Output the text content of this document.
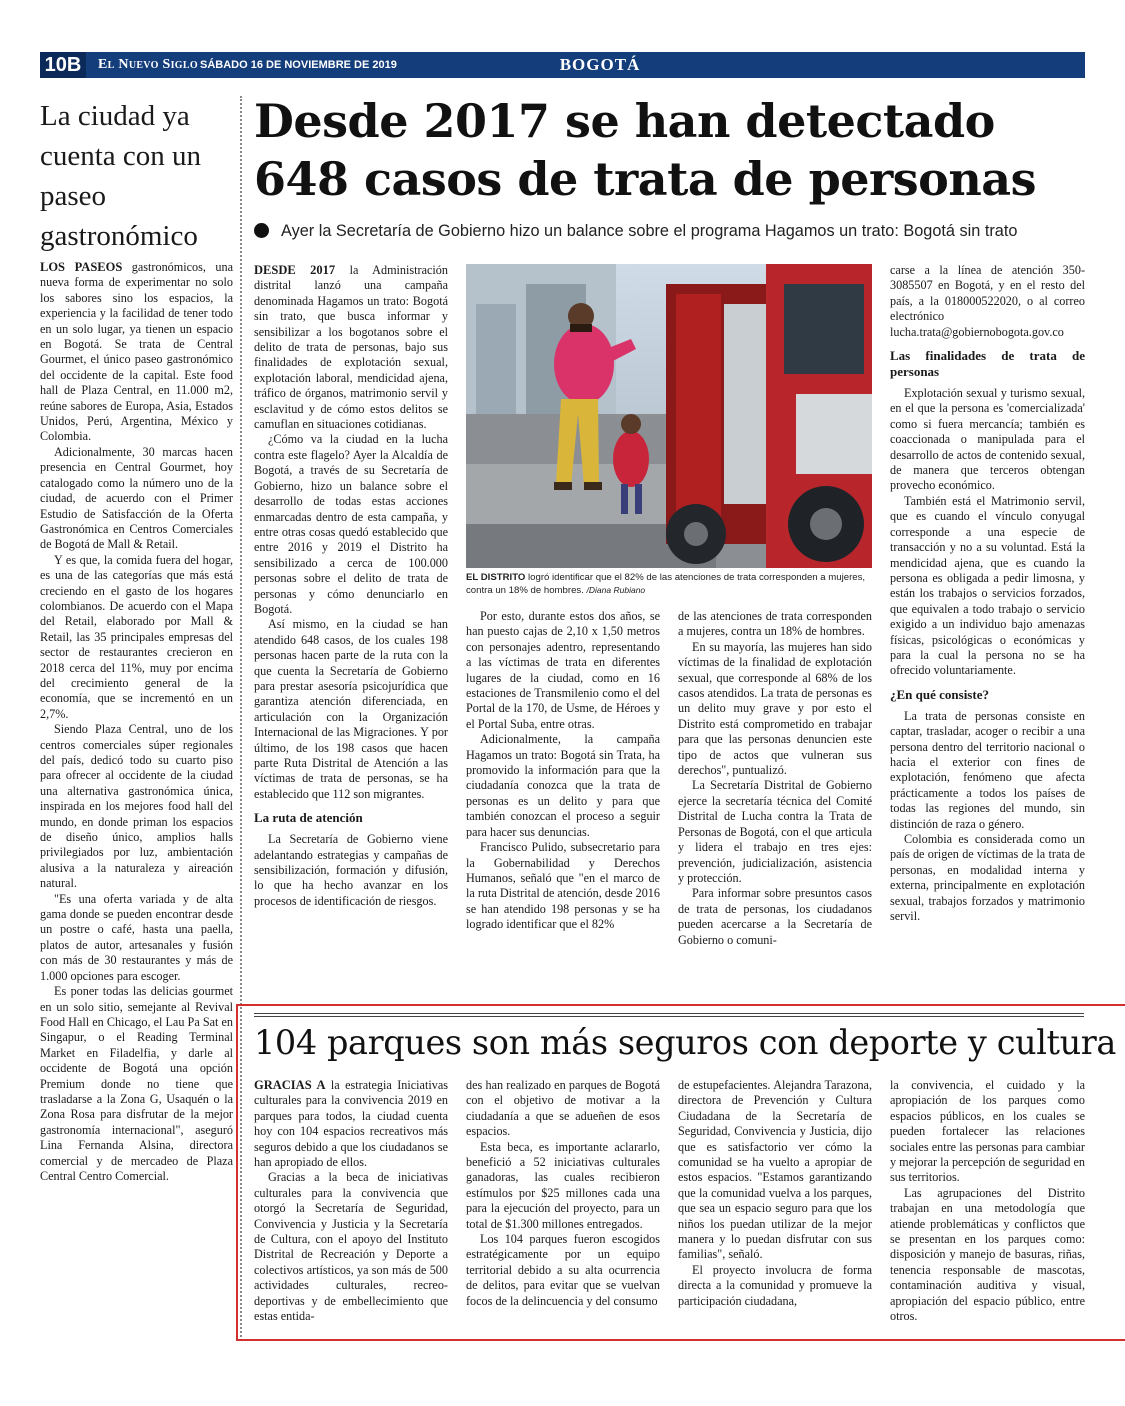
10B	El Nuevo Siglo SÁBADO 16 DE NOVIEMBRE DE 2019	BOGOTÁ
La ciudad ya cuenta con un paseo gastronómico

LOS PASEOS gastronómicos, una nueva forma de experimentar no solo los sabores sino los espacios, la experiencia y la facilidad de tener todo en un solo lugar, ya tienen un espacio en Bogotá. Se trata de Central Gourmet, el único paseo gastronómico del occidente de la capital. Este food hall de Plaza Central, en 11.000 m2, reúne sabores de Europa, Asia, Estados Unidos, Perú, Argentina, México y Colombia.

Adicionalmente, 30 marcas hacen presencia en Central Gourmet, hoy catalogado como la número uno de la ciudad, de acuerdo con el Primer Estudio de Satisfacción de la Oferta Gastronómica en Centros Comerciales de Bogotá de Mall & Retail.

Y es que, la comida fuera del hogar, es una de las categorías que más está creciendo en el gasto de los hogares colombianos. De acuerdo con el Mapa del Retail, elaborado por Mall & Retail, las 35 principales empresas del sector de restaurantes crecieron en 2018 cerca del 11%, muy por encima del crecimiento general de la economía, que se incrementó en un 2,7%.

Siendo Plaza Central, uno de los centros comerciales súper regionales del país, dedicó todo su cuarto piso para ofrecer al occidente de la ciudad una alternativa gastronómica única, inspirada en los mejores food hall del mundo, en donde priman los espacios de diseño único, amplios halls privilegiados por luz, ambientación alusiva a la naturaleza y aireación natural.

"Es una oferta variada y de alta gama donde se pueden encontrar desde un postre o café, hasta una paella, platos de autor, artesanales y fusión con más de 30 restaurantes y más de 1.000 opciones para escoger.

Es poner todas las delicias gourmet en un solo sitio, semejante al Revival Food Hall en Chicago, el Lau Pa Sat en Singapur, o el Reading Terminal Market en Filadelfia, y darle al occidente de Bogotá una opción Premium donde no tiene que trasladarse a la Zona G, Usaquén o la Zona Rosa para disfrutar de la mejor gastronomía internacional", aseguró Lina Fernanda Alsina, directora comercial y de mercadeo de Plaza Central Centro Comercial.

Desde 2017 se han detectado 648 casos de trata de personas
Ayer la Secretaría de Gobierno hizo un balance sobre el programa Hagamos un trato: Bogotá sin trato

DESDE 2017 la Administración distrital lanzó una campaña denominada Hagamos un trato: Bogotá sin trato, que busca informar y sensibilizar a los bogotanos sobre el delito de trata de personas, bajo sus finalidades de explotación sexual, explotación laboral, mendicidad ajena, tráfico de órganos, matrimonio servil y esclavitud y de cómo estos delitos se camuflan en situaciones cotidianas.

¿Cómo va la ciudad en la lucha contra este flagelo? Ayer la Alcaldía de Bogotá, a través de su Secretaría de Gobierno, hizo un balance sobre el desarrollo de todas estas acciones enmarcadas dentro de esta campaña, y entre otras cosas quedó establecido que entre 2016 y 2019 el Distrito ha sensibilizado a cerca de 100.000 personas sobre el delito de trata de personas y cómo denunciarlo en Bogotá.

Así mismo, en la ciudad se han atendido 648 casos, de los cuales 198 personas hacen parte de la ruta con la que cuenta la Secretaría de Gobierno para prestar asesoría psicojurídica que garantiza atención diferenciada, en articulación con la Organización Internacional de las Migraciones. Y por último, de los 198 casos que hacen parte Ruta Distrital de Atención a las víctimas de trata de personas, se ha establecido que 112 son migrantes.

La ruta de atención

La Secretaría de Gobierno viene adelantando estrategias y campañas de sensibilización, formación y difusión, lo que ha hecho avanzar en los procesos de identificación de riesgos.

EL DISTRITO logró identificar que el 82% de las atenciones de trata corresponden a mujeres, contra un 18% de hombres. /Diana Rubiano

Por esto, durante estos dos años, se han puesto cajas de 2,10 x 1,50 metros con personajes adentro, representando a las víctimas de trata en diferentes lugares de la ciudad, como en 16 estaciones de Transmilenio como el del Portal de la 170, de Usme, de Héroes y el Portal Suba, entre otras.

Adicionalmente, la campaña Hagamos un trato: Bogotá sin Trata, ha promovido la información para que la ciudadanía conozca que la trata de personas es un delito y para que también conozcan el proceso a seguir para hacer sus denuncias.

Francisco Pulido, subsecretario para la Gobernabilidad y Derechos Humanos, señaló que "en el marco de la ruta Distrital de atención, desde 2016 se han atendido 198 personas y se ha logrado identificar que el 82%

de las atenciones de trata corresponden a mujeres, contra un 18% de hombres.

En su mayoría, las mujeres han sido víctimas de la finalidad de explotación sexual, que corresponde al 68% de los casos atendidos. La trata de personas es un delito muy grave y por esto el Distrito está comprometido en trabajar para que las personas denuncien este tipo de actos que vulneran sus derechos", puntualizó.

La Secretaría Distrital de Gobierno ejerce la secretaría técnica del Comité Distrital de Lucha contra la Trata de Personas de Bogotá, con el que articula y lidera el trabajo en tres ejes: prevención, judicialización, asistencia y protección.

Para informar sobre presuntos casos de trata de personas, los ciudadanos pueden acercarse a la Secretaría de Gobierno o comuni-

carse a la línea de atención 350-3085507 en Bogotá, y en el resto del país, a la 018000522020, o al correo electrónico lucha.trata@gobiernobogota.gov.co

Las finalidades de trata de personas

Explotación sexual y turismo sexual, en el que la persona es 'comercializada' como si fuera mercancía; también es coaccionada o manipulada para el desarrollo de actos de contenido sexual, de manera que terceros obtengan provecho económico.

También está el Matrimonio servil, que es cuando el vínculo conyugal corresponde a una especie de transacción y no a su voluntad. Está la mendicidad ajena, que es cuando la persona es obligada a pedir limosna, y están los trabajos o servicios forzados, que equivalen a todo trabajo o servicio exigido a un individuo bajo amenazas físicas, psicológicas o económicas y para la cual la persona no se ha ofrecido voluntariamente.

¿En qué consiste?

La trata de personas consiste en captar, trasladar, acoger o recibir a una persona dentro del territorio nacional o hacia el exterior con fines de explotación, fenómeno que afecta prácticamente a todos los países de todas las regiones del mundo, sin distinción de raza o género.

Colombia es considerada como un país de origen de víctimas de la trata de personas, en modalidad interna y externa, principalmente en explotación sexual, trabajos forzados y matrimonio servil.

104 parques son más seguros con deporte y cultura

GRACIAS A la estrategia Iniciativas culturales para la convivencia 2019 en parques para todos, la ciudad cuenta hoy con 104 espacios recreativos más seguros debido a que los ciudadanos se han apropiado de ellos.

Gracias a la beca de iniciativas culturales para la convivencia que otorgó la Secretaría de Seguridad, Convivencia y Justicia y la Secretaría de Cultura, con el apoyo del Instituto Distrital de Recreación y Deporte a colectivos artísticos, ya son más de 500 actividades culturales, recreo-deportivas y de embellecimiento que estas entida-

des han realizado en parques de Bogotá con el objetivo de motivar a la ciudadanía a que se adueñen de esos espacios.

Esta beca, es importante aclararlo, benefició a 52 iniciativas culturales ganadoras, las cuales recibieron estímulos por $25 millones cada una para la ejecución del proyecto, para un total de $1.300 millones entregados.

Los 104 parques fueron escogidos estratégicamente por un equipo territorial debido a su alta ocurrencia de delitos, para evitar que se vuelvan focos de la delincuencia y del consumo

de estupefacientes. Alejandra Tarazona, directora de Prevención y Cultura Ciudadana de la Secretaría de Seguridad, Convivencia y Justicia, dijo que es satisfactorio ver cómo la comunidad se ha vuelto a apropiar de estos espacios. "Estamos garantizando que la comunidad vuelva a los parques, que sea un espacio seguro para que los niños los puedan utilizar de la mejor manera y lo puedan disfrutar con sus familias", señaló.

El proyecto involucra de forma directa a la comunidad y promueve la participación ciudadana,

la convivencia, el cuidado y la apropiación de los parques como espacios públicos, en los cuales se pueden fortalecer las relaciones sociales entre las personas para cambiar y mejorar la percepción de seguridad en sus territorios.

Las agrupaciones del Distrito trabajan en una metodología que atiende problemáticas y conflictos que se presentan en los parques como: disposición y manejo de basuras, riñas, tenencia responsable de mascotas, contaminación auditiva y visual, apropiación del espacio público, entre otros.
